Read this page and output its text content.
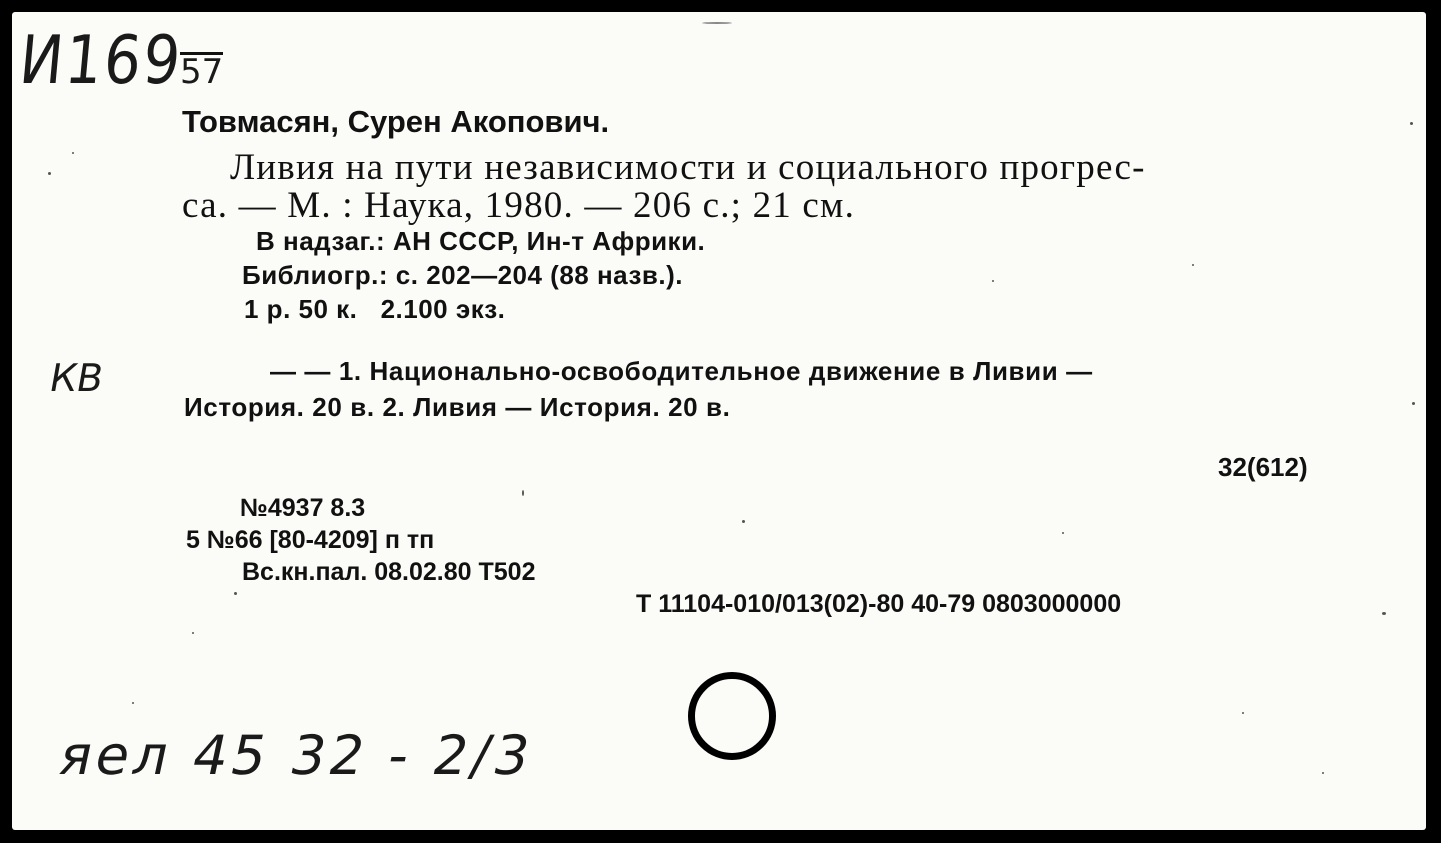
И169
57
Товмасян, Сурен Акопович.
Ливия на пути независимости и социального прогрес-
са. — М. : Наука, 1980. — 206 с.; 21 см.
В надзаг.: АН СССР, Ин-т Африки.
Библиогр.: с. 202—204 (88 назв.).
1 р. 50 к.   2.100 экз.
КВ	— — 1. Национально-освободительное движение в Ливии —
История. 20 в. 2. Ливия — История. 20 в.
32(612)
№4937 8.3
5 №66 [80-4209] п тп
Вс.кн.пал. 08.02.80 Т502
Т 11104-010/013(02)-80 40-79 0803000000
яел 45 32 - 2/3
